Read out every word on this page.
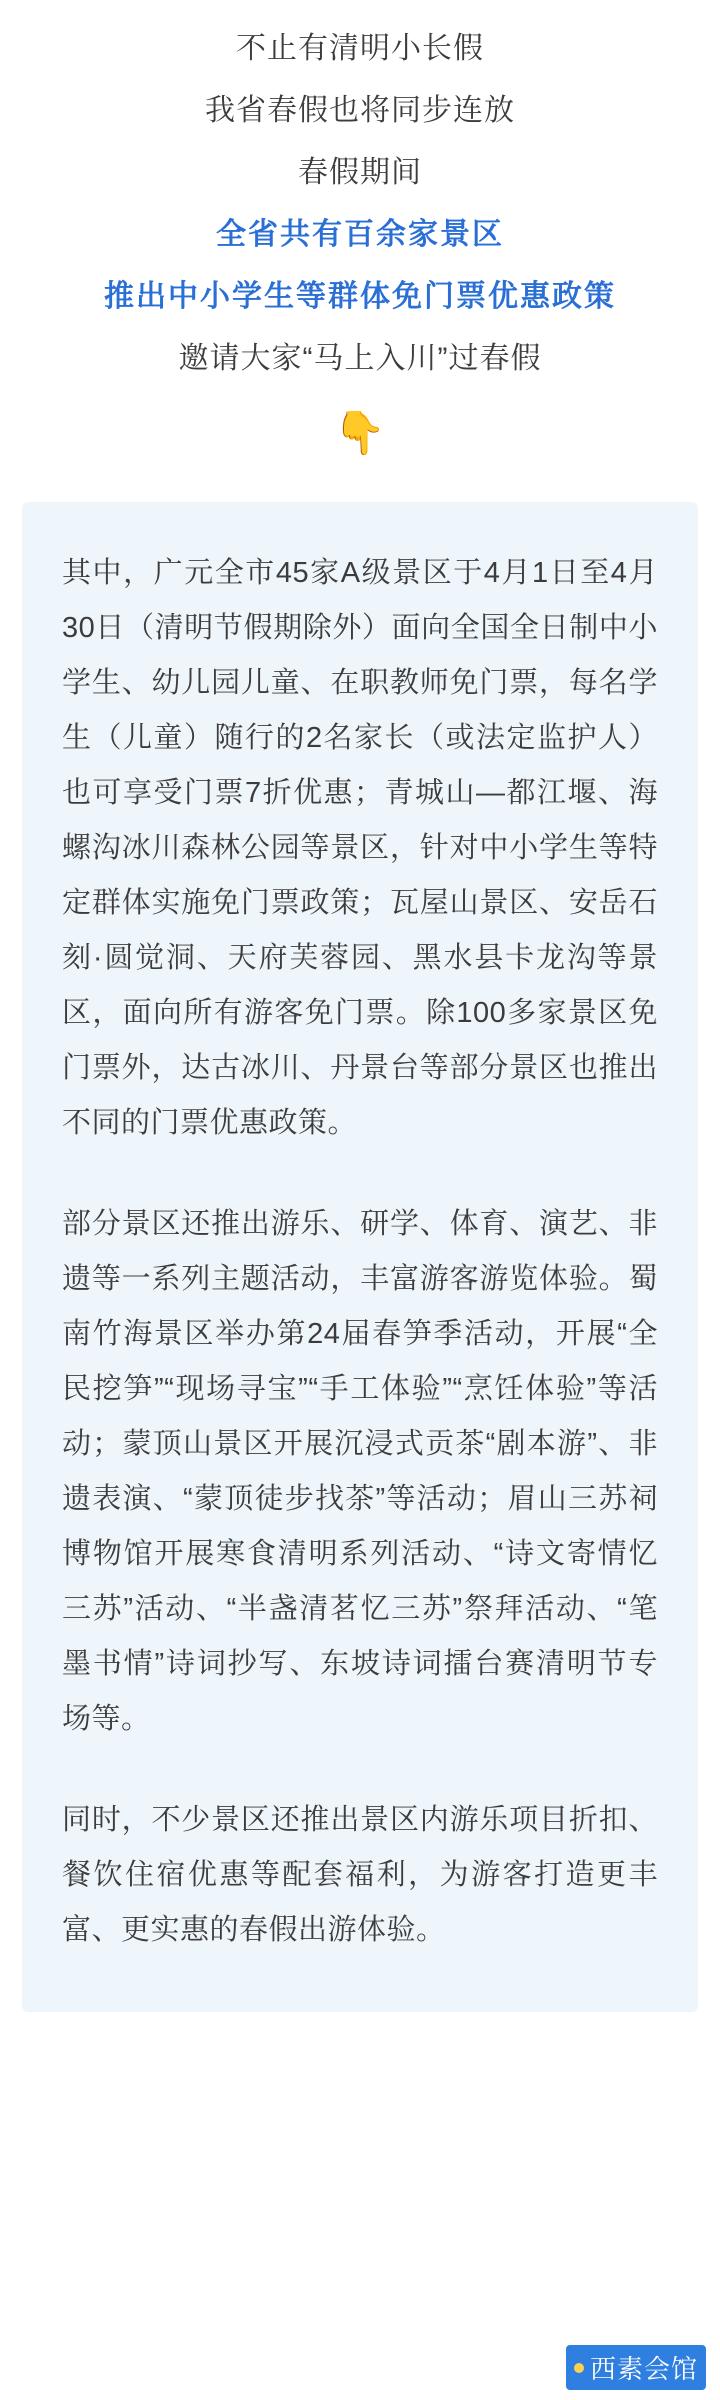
不止有清明小长假
我省春假也将同步连放
春假期间
全省共有百余家景区
推出中小学生等群体免门票优惠政策
邀请大家“马上入川”过春假
👇

其中，广元全市45家A级景区于4月1日至4月30日（清明节假期除外）面向全国全日制中小学生、幼儿园儿童、在职教师免门票，每名学生（儿童）随行的2名家长（或法定监护人）也可享受门票7折优惠；青城山—都江堰、海螺沟冰川森林公园等景区，针对中小学生等特定群体实施免门票政策；瓦屋山景区、安岳石刻·圆觉洞、天府芙蓉园、黑水县卡龙沟等景区，面向所有游客免门票。除100多家景区免门票外，达古冰川、丹景台等部分景区也推出不同的门票优惠政策。

部分景区还推出游乐、研学、体育、演艺、非遗等一系列主题活动，丰富游客游览体验。蜀南竹海景区举办第24届春笋季活动，开展“全民挖笋”“现场寻宝”“手工体验”“烹饪体验”等活动；蒙顶山景区开展沉浸式贡茶“剧本游”、非遗表演、“蒙顶徒步找茶”等活动；眉山三苏祠博物馆开展寒食清明系列活动、“诗文寄情忆三苏”活动、“半盏清茗忆三苏”祭拜活动、“笔墨书情”诗词抄写、东坡诗词擂台赛清明节专场等。

同时，不少景区还推出景区内游乐项目折扣、餐饮住宿优惠等配套福利，为游客打造更丰富、更实惠的春假出游体验。

西素会馆
